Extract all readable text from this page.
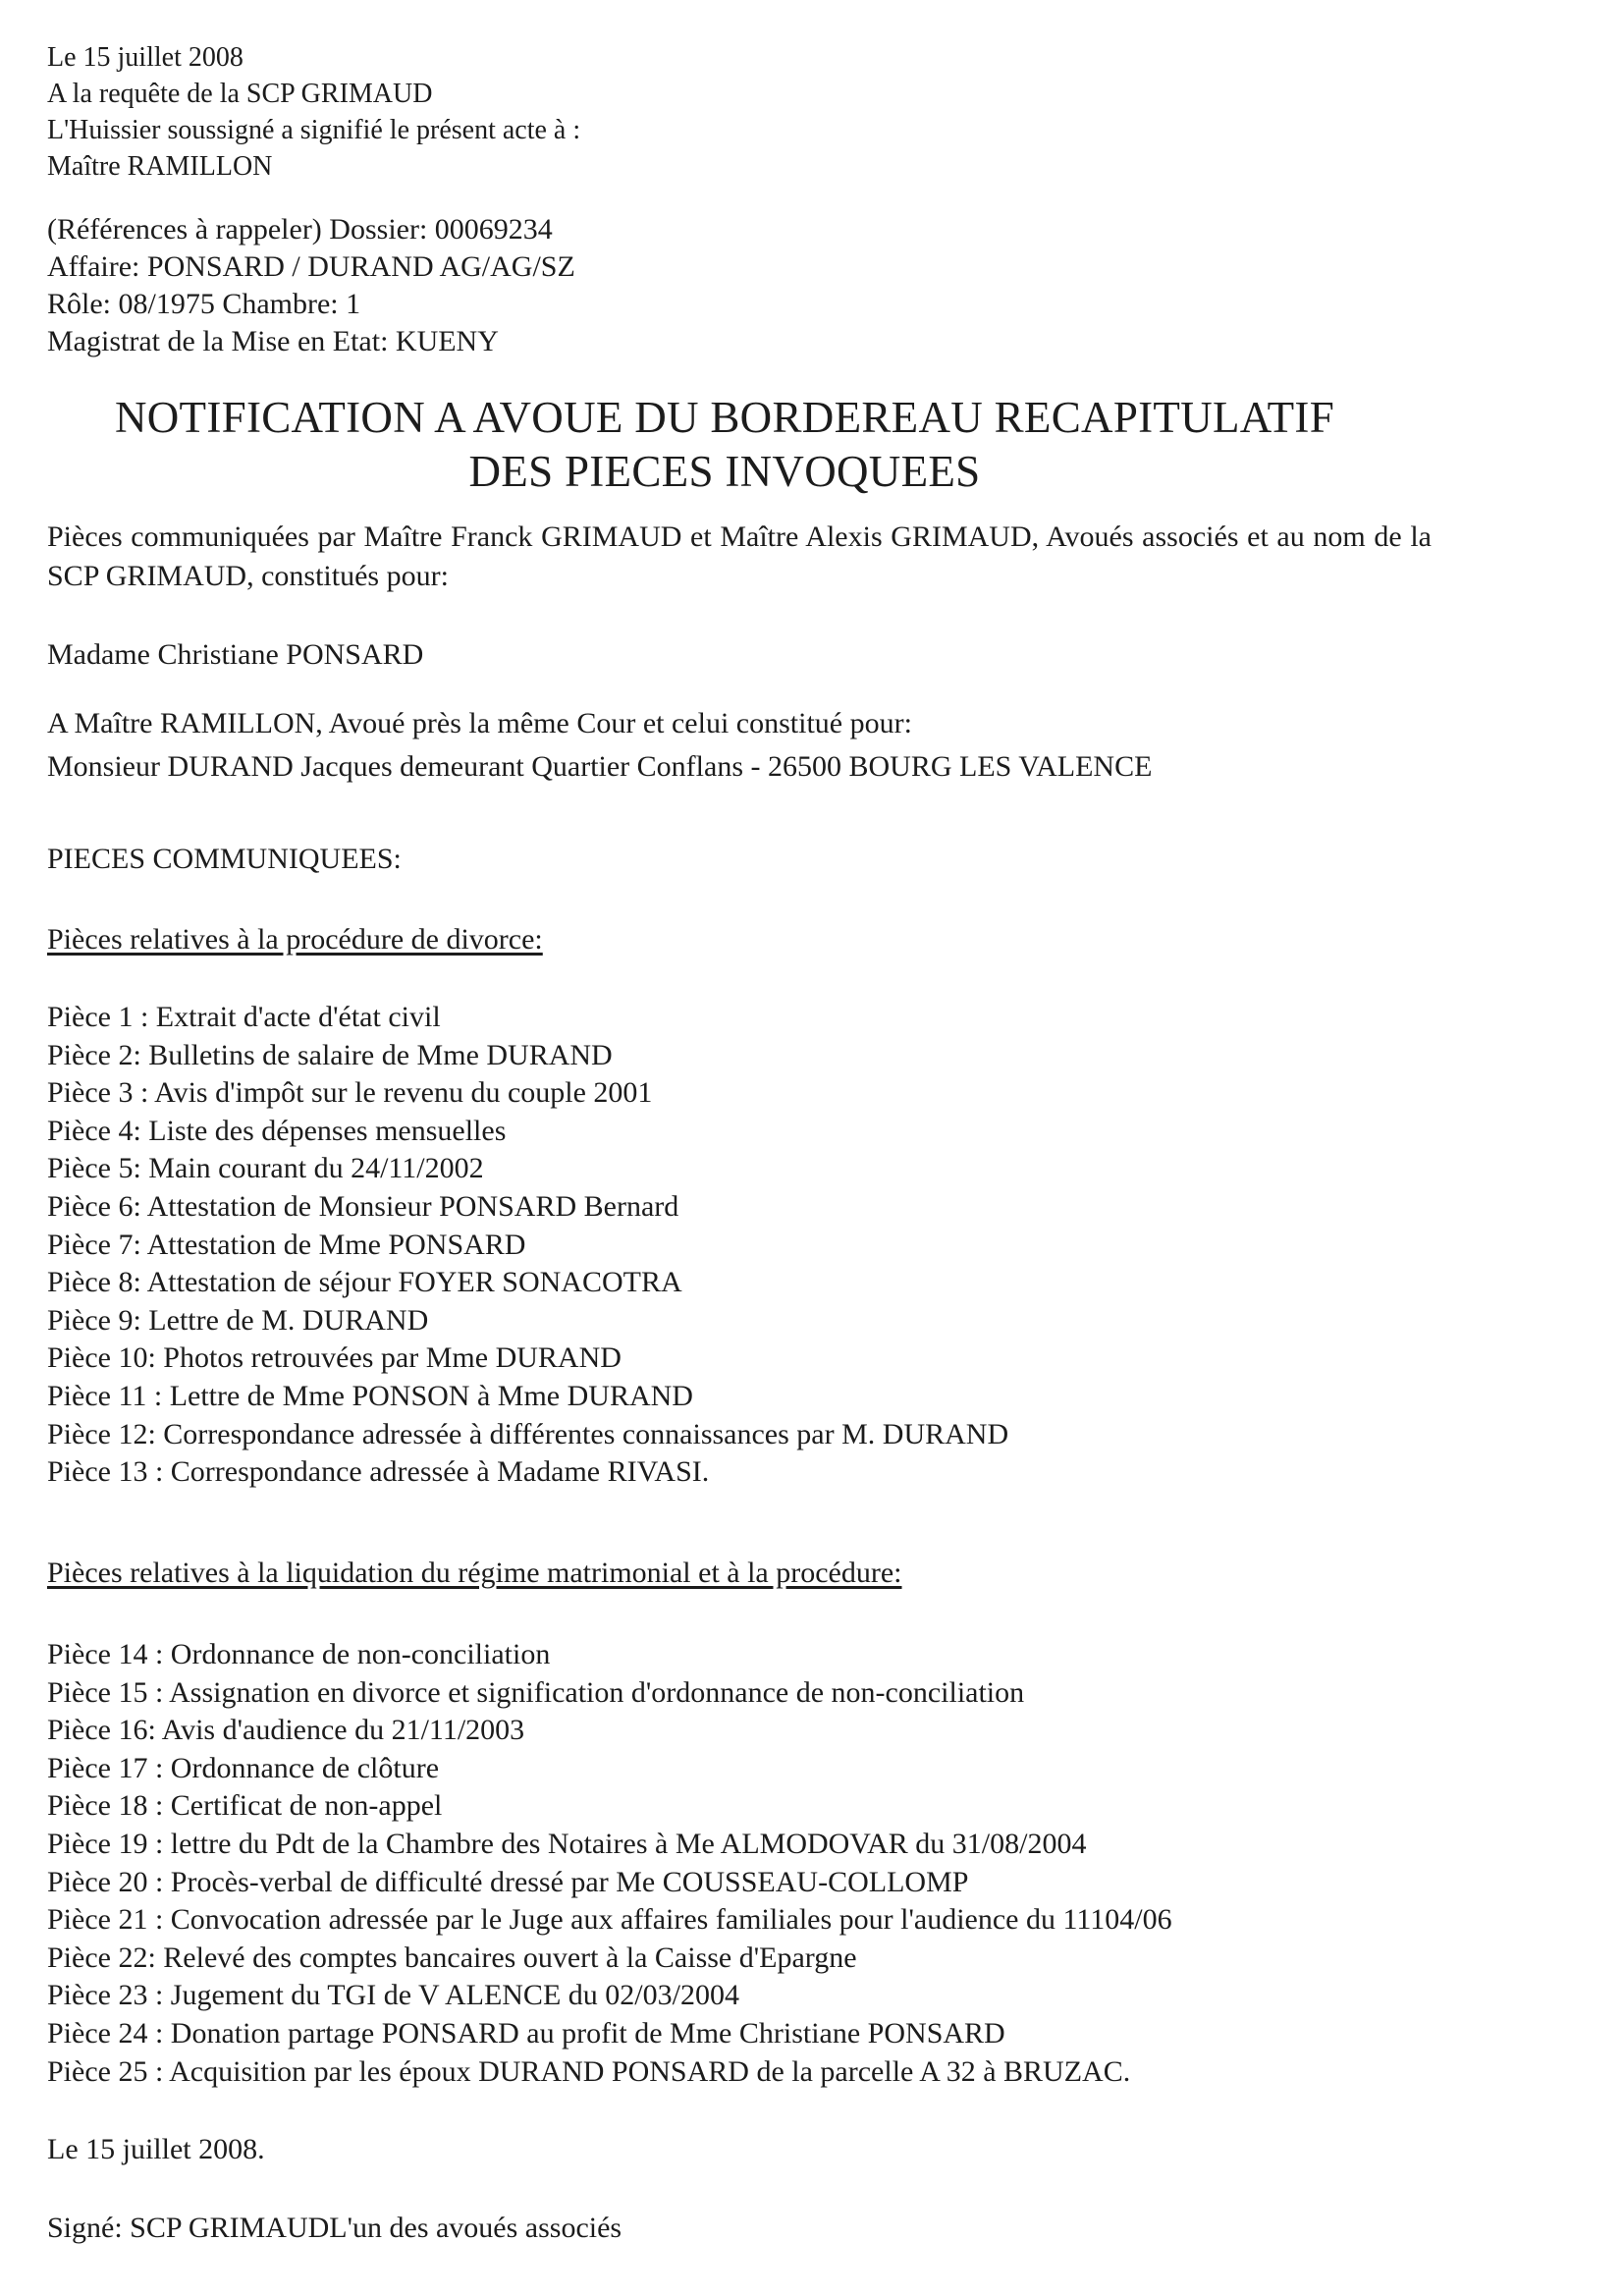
Le 15 juillet 2008
A la requête de la SCP GRIMAUD
L'Huissier soussigné a signifié le présent acte à :
Maître RAMILLON
(Références à rappeler) Dossier: 00069234
Affaire: PONSARD / DURAND AG/AG/SZ
Rôle: 08/1975 Chambre: 1
Magistrat de la Mise en Etat: KUENY
NOTIFICATION A AVOUE DU BORDEREAU RECAPITULATIF
DES PIECES INVOQUEES
Pièces communiquées par Maître Franck GRIMAUD et Maître Alexis GRIMAUD, Avoués associés et au nom de la SCP GRIMAUD, constitués pour:
Madame Christiane PONSARD
A Maître RAMILLON, Avoué près la même Cour et celui constitué pour:
Monsieur DURAND Jacques demeurant Quartier Conflans - 26500 BOURG LES VALENCE
PIECES COMMUNIQUEES:
Pièces relatives à la procédure de divorce:
Pièce 1 : Extrait d'acte d'état civil
Pièce 2: Bulletins de salaire de Mme DURAND
Pièce 3 : Avis d'impôt sur le revenu du couple 2001
Pièce 4: Liste des dépenses mensuelles
Pièce 5: Main courant du 24/11/2002
Pièce 6: Attestation de Monsieur PONSARD Bernard
Pièce 7: Attestation de Mme PONSARD
Pièce 8: Attestation de séjour FOYER SONACOTRA
Pièce 9: Lettre de M. DURAND
Pièce 10: Photos retrouvées par Mme DURAND
Pièce 11 : Lettre de Mme PONSON à Mme DURAND
Pièce 12: Correspondance adressée à différentes connaissances par M. DURAND
Pièce 13 : Correspondance adressée à Madame RIVASI.
Pièces relatives à la liquidation du régime matrimonial et à la procédure:
Pièce 14 : Ordonnance de non-conciliation
Pièce 15 : Assignation en divorce et signification d'ordonnance de non-conciliation
Pièce 16: Avis d'audience du 21/11/2003
Pièce 17 : Ordonnance de clôture
Pièce 18 : Certificat de non-appel
Pièce 19 : lettre du Pdt de la Chambre des Notaires à Me ALMODOVAR du 31/08/2004
Pièce 20 : Procès-verbal de difficulté dressé par Me COUSSEAU-COLLOMP
Pièce 21 : Convocation adressée par le Juge aux affaires familiales pour l'audience du 11104/06
Pièce 22: Relevé des comptes bancaires ouvert à la Caisse d'Epargne
Pièce 23 : Jugement du TGI de V ALENCE du 02/03/2004
Pièce 24 : Donation partage PONSARD au profit de Mme Christiane PONSARD
Pièce 25 : Acquisition par les époux DURAND PONSARD de la parcelle A 32 à BRUZAC.
Le 15 juillet 2008.
Signé: SCP GRIMAUDL'un des avoués associés
